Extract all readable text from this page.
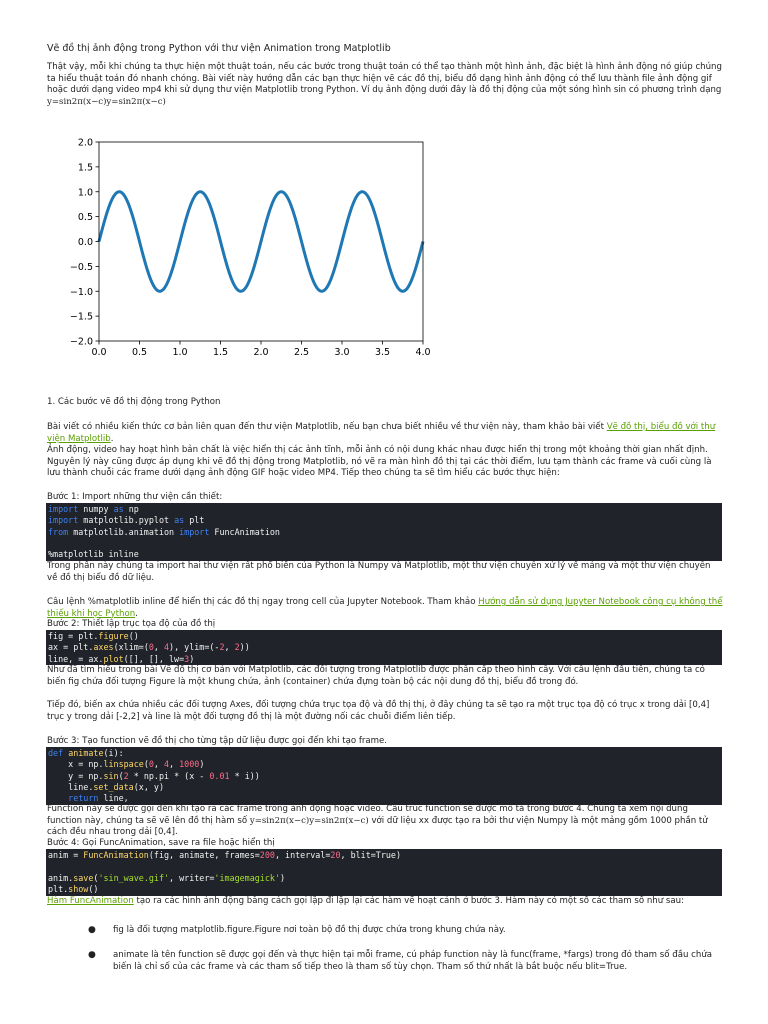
Vẽ đồ thị ảnh động trong Python với thư viện Animation trong Matplotlib

Thật vậy, mỗi khi chúng ta thực hiện một thuật toán, nếu các bước trong thuật toán có thể tạo thành một hình ảnh, đặc biệt là hình ảnh động nó giúp chúng ta hiểu thuật toán đó nhanh chóng. Bài viết này hướng dẫn các bạn thực hiện vẽ các đồ thị, biểu đồ dạng hình ảnh động có thể lưu thành file ảnh động gif hoặc dưới dạng video mp4 khi sử dụng thư viện Matplotlib trong Python. Ví dụ ảnh động dưới đây là đồ thị động của một sóng hình sin có phương trình dạng y=sin2π(x−c)y=sin2π(x−c)

0.0	0.5	1.0	1.5	2.0	2.5	3.0	3.5	4.0
2.0
1.5
1.0
0.5
0.0
−0.5
−1.0
−1.5
−2.0

1. Các bước vẽ đồ thị động trong Python

Bài viết có nhiều kiến thức cơ bản liên quan đến thư viện Matplotlib, nếu bạn chưa biết nhiều về thư viện này, tham khảo bài viết Vẽ đồ thị, biểu đồ với thư viện Matplotlib.
Ảnh động, video hay hoạt hình bản chất là việc hiển thị các ảnh tĩnh, mỗi ảnh có nội dung khác nhau được hiển thị trong một khoảng thời gian nhất định. Nguyên lý này cũng được áp dụng khi vẽ đồ thị động trong Matplotlib, nó vẽ ra màn hình đồ thị tại các thời điểm, lưu tạm thành các frame và cuối cùng là lưu thành chuỗi các frame dưới dạng ảnh động GIF hoặc video MP4. Tiếp theo chúng ta sẽ tìm hiểu các bước thực hiện:

Bước 1: Import những thư viện cần thiết:

import numpy as np
import matplotlib.pyplot as plt
from matplotlib.animation import FuncAnimation

%matplotlib inline

Trong phần này chúng ta import hai thư viện rất phổ biến của Python là Numpy và Matplotlib, một thư viện chuyên xử lý về mảng và một thư viện chuyên về đồ thị biểu đồ dữ liệu.

Câu lệnh %matplotlib inline để hiển thị các đồ thị ngay trong cell của Jupyter Notebook. Tham khảo Hướng dẫn sử dụng Jupyter Notebook công cụ không thể thiếu khi học Python.

Bước 2: Thiết lập trục tọa độ của đồ thị

fig = plt.figure()
ax = plt.axes(xlim=(0, 4), ylim=(-2, 2))
line, = ax.plot([], [], lw=3)

Như đã tìm hiểu trong bài Vẽ đồ thị cơ bản với Matplotlib, các đối tượng trong Matplotlib được phân cấp theo hình cây. Với câu lệnh đầu tiên, chúng ta có biến fig chứa đối tượng Figure là một khung chứa, ảnh (container) chứa đựng toàn bộ các nội dung đồ thị, biểu đồ trong đó.

Tiếp đó, biến ax chứa nhiều các đối tượng Axes, đối tượng chứa trục tọa độ và đồ thị thị, ở đây chúng ta sẽ tạo ra một trục tọa độ có trục x trong dải [0,4] trục y trong dải [-2,2] và line là một đối tượng đồ thị là một đường nối các chuỗi điểm liên tiếp.

Bước 3: Tạo function vẽ đồ thị cho từng tập dữ liệu được gọi đến khi tạo frame.

def animate(i):
x = np.linspace(0, 4, 1000)
y = np.sin(2 * np.pi * (x - 0.01 * i))
line.set_data(x, y)
return line,

Function này sẽ được gọi đến khi tạo ra các frame trong ảnh động hoặc video. Cấu trúc function sẽ được mô tả trong bước 4. Chúng ta xem nội dung function này, chúng ta sẽ vẽ lên đồ thị hàm số y=sin2π(x−c)y=sin2π(x−c) với dữ liệu xx được tạo ra bởi thư viện Numpy là một mảng gồm 1000 phần tử cách đều nhau trong dải [0,4].

Bước 4: Gọi FuncAnimation, save ra file hoặc hiển thị

anim = FuncAnimation(fig, animate, frames=200, interval=20, blit=True)

anim.save('sin_wave.gif', writer='imagemagick')
plt.show()

Hàm FuncAnimation tạo ra các hình ảnh động bằng cách gọi lặp đi lặp lại các hàm vẽ hoạt cảnh ở bước 3. Hàm này có một số các tham số như sau:

● fig là đối tượng matplotlib.figure.Figure nơi toàn bộ đồ thị được chứa trong khung chứa này.

● animate là tên function sẽ được gọi đến và thực hiện tại mỗi frame, cú pháp function này là func(frame, *fargs) trong đó tham số đầu chứa biến là chỉ số của các frame và các tham số tiếp theo là tham số tùy chọn. Tham số thứ nhất là bắt buộc nếu blit=True.
